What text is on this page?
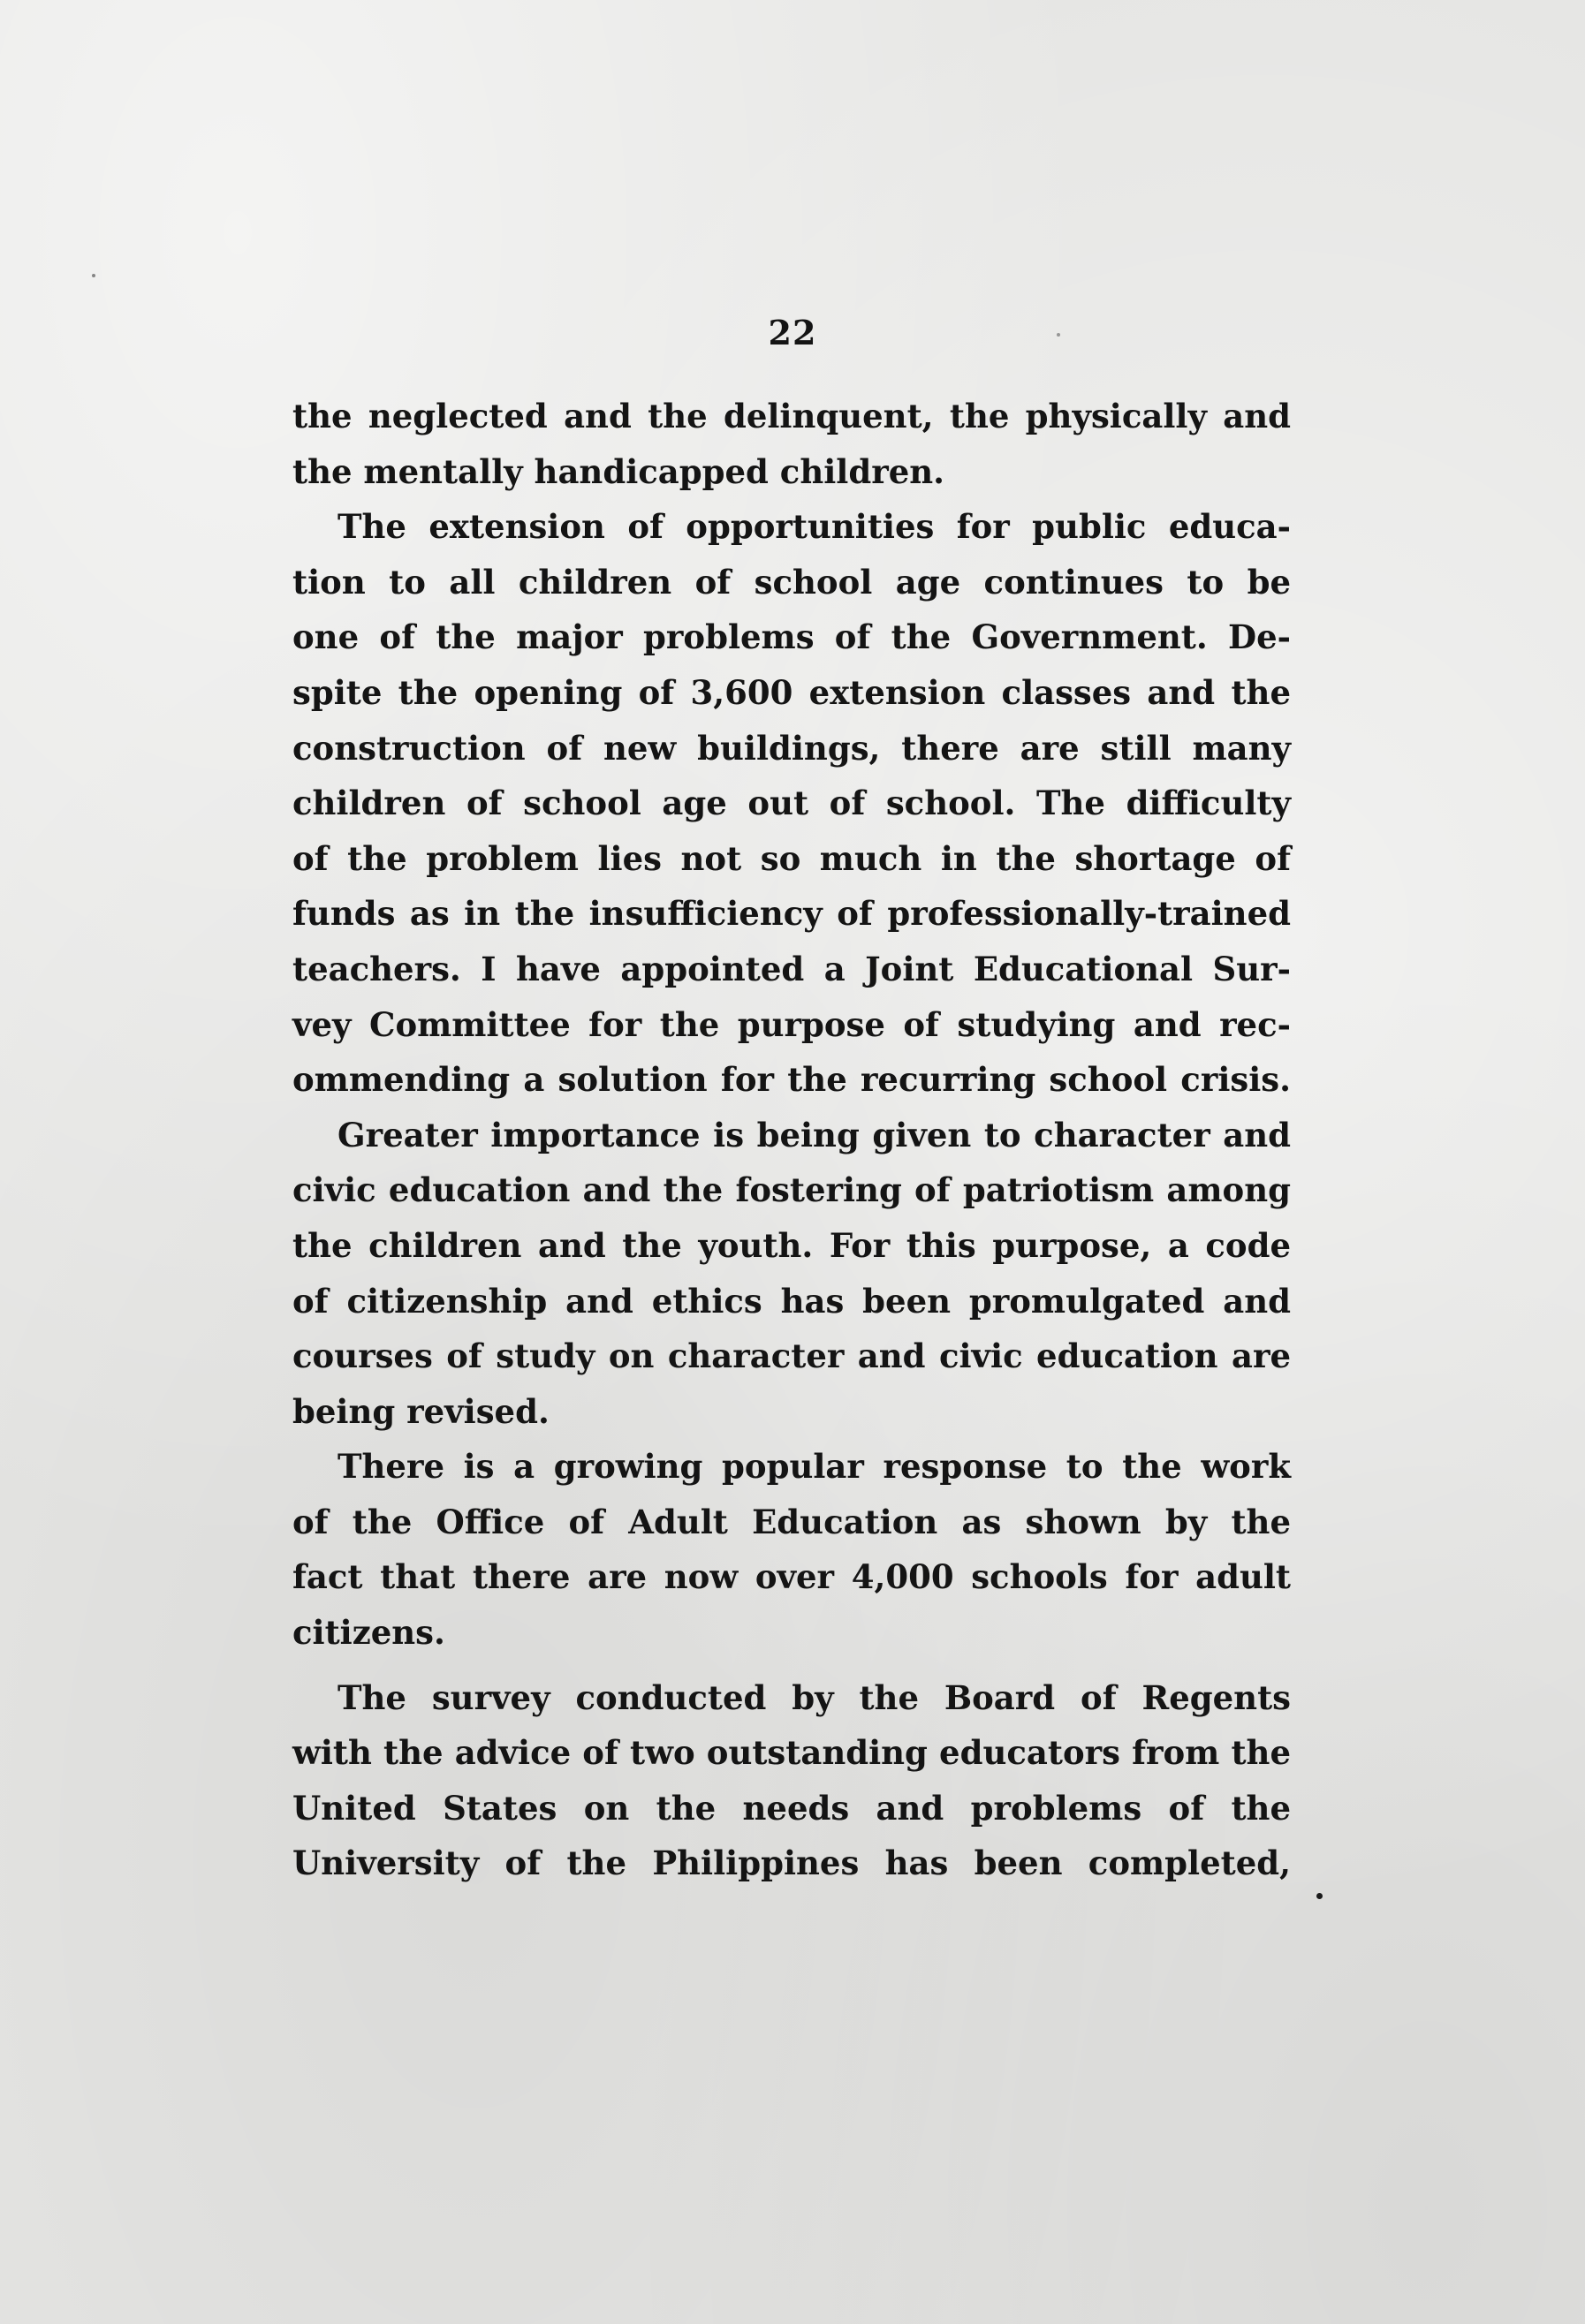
22
the neglected and the delinquent, the physically and
the mentally handicapped children.
The extension of opportunities for public educa-
tion to all children of school age continues to be
one of the major problems of the Government. De-
spite the opening of 3,600 extension classes and the
construction of new buildings, there are still many
children of school age out of school. The difficulty
of the problem lies not so much in the shortage of
funds as in the insufficiency of professionally-trained
teachers. I have appointed a Joint Educational Sur-
vey Committee for the purpose of studying and rec-
ommending a solution for the recurring school crisis.
Greater importance is being given to character and
civic education and the fostering of patriotism among
the children and the youth. For this purpose, a code
of citizenship and ethics has been promulgated and
courses of study on character and civic education are
being revised.
There is a growing popular response to the work
of the Office of Adult Education as shown by the
fact that there are now over 4,000 schools for adult
citizens.
The survey conducted by the Board of Regents
with the advice of two outstanding educators from the
United States on the needs and problems of the
University of the Philippines has been completed,
